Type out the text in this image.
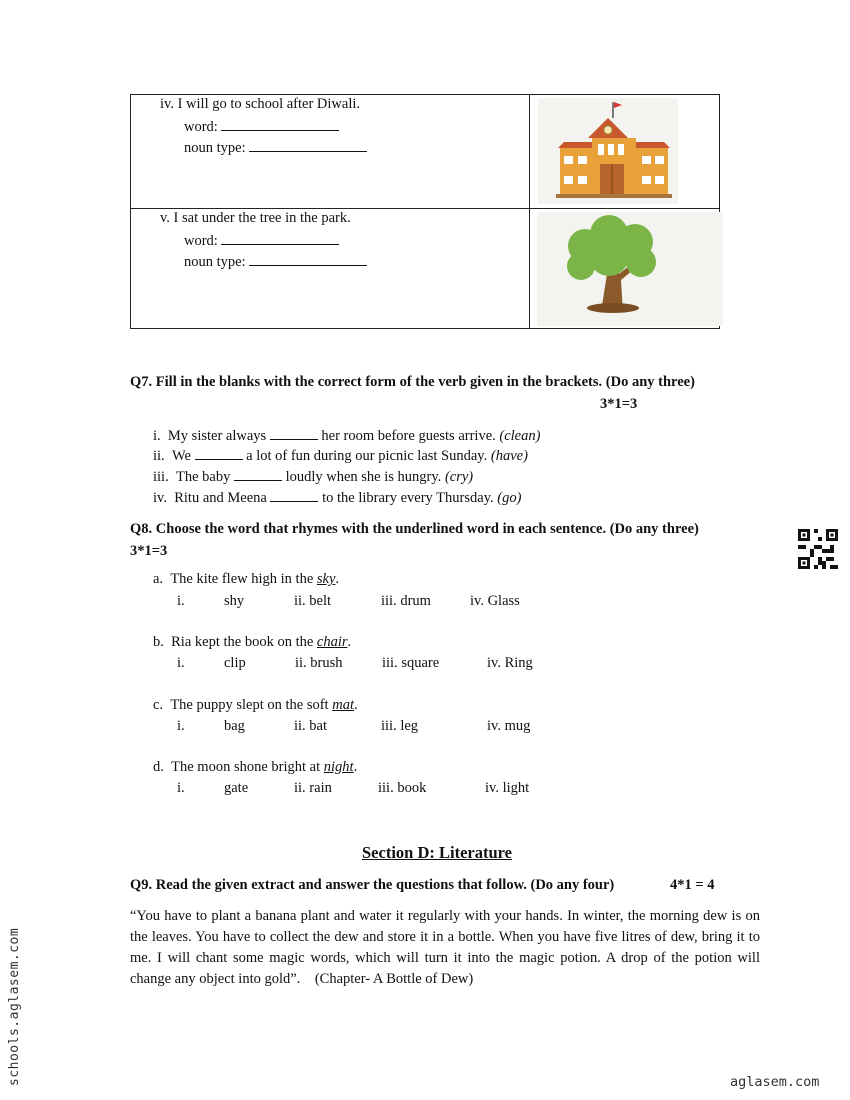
iv. I will go to school after Diwali.
word:
noun type:
v. I sat under the tree in the park.
word:
noun type:
Q7. Fill in the blanks with the correct form of the verb given in the brackets. (Do any three)
3*1=3
i. My sister always	her room before guests arrive. (clean)
ii. We	a lot of fun during our picnic last Sunday. (have)
iii. The baby	loudly when she is hungry. (cry)
iv. Ritu and Meena	to the library every Thursday. (go)
Q8. Choose the word that rhymes with the underlined word in each sentence. (Do any three)
3*1=3
a. The kite flew high in the sky.
i.	shy	ii. belt	iii. drum	iv. Glass
b. Ria kept the book on the chair.
i.	clip	ii. brush	iii. square	iv. Ring
c. The puppy slept on the soft mat.
i.	bag	ii. bat	iii. leg	iv. mug
d. The moon shone bright at night.
i.	gate	ii. rain	iii. book	iv. light
Section D: Literature
Q9. Read the given extract and answer the questions that follow. (Do any four)	4*1 = 4
“You have to plant a banana plant and water it regularly with your hands. In winter, the morning dew is on the leaves. You have to collect the dew and store it in a bottle. When you have five litres of dew, bring it to me. I will chant some magic words, which will turn it into the magic potion. A drop of the potion will change any object into gold”. (Chapter- A Bottle of Dew)
schools.aglasem.com	aglasem.com
